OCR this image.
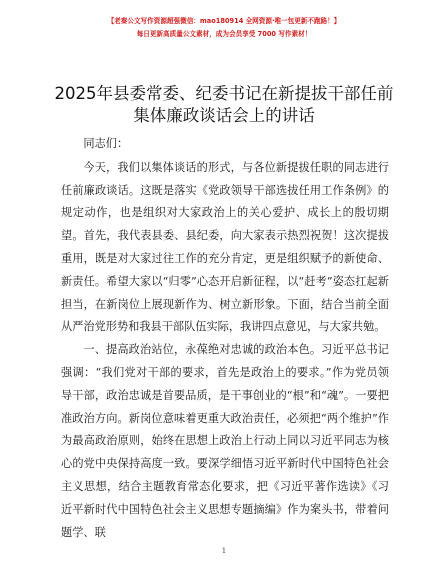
【老秦公文写作资源超强微信：mao180914 全网资源·唯一包更新不跑路！】
每日更新高质量公文素材，成为会员享受 7000 写作素材！
2025年县委常委、纪委书记在新提拔干部任前
集体廉政谈话会上的讲话

同志们：

今天，我们以集体谈话的形式，与各位新提拔任职的同志进行任前廉政谈话。这既是落实《党政领导干部选拔任用工作条例》的规定动作，也是组织对大家政治上的关心爱护、成长上的殷切期望。首先，我代表县委、县纪委，向大家表示热烈祝贺！这次提拔重用，既是对大家过往工作的充分肯定，更是组织赋予的新使命、新责任。希望大家以“归零”心态开启新征程，以“赶考”姿态扛起新担当，在新岗位上展现新作为、树立新形象。下面，结合当前全面从严治党形势和我县干部队伍实际，我讲四点意见，与大家共勉。

一、提高政治站位，永葆绝对忠诚的政治本色。习近平总书记强调：“我们党对干部的要求，首先是政治上的要求。”作为党员领导干部，政治忠诚是首要品质，是干事创业的“根”和“魂”。一要把准政治方向。新岗位意味着更重大政治责任，必须把“两个维护”作为最高政治原则，始终在思想上政治上行动上同以习近平同志为核心的党中央保持高度一致。要深学细悟习近平新时代中国特色社会主义思想，结合主题教育常态化要求，把《习近平著作选读》《习近平新时代中国特色社会主义思想专题摘编》作为案头书，带着问题学、联

1
